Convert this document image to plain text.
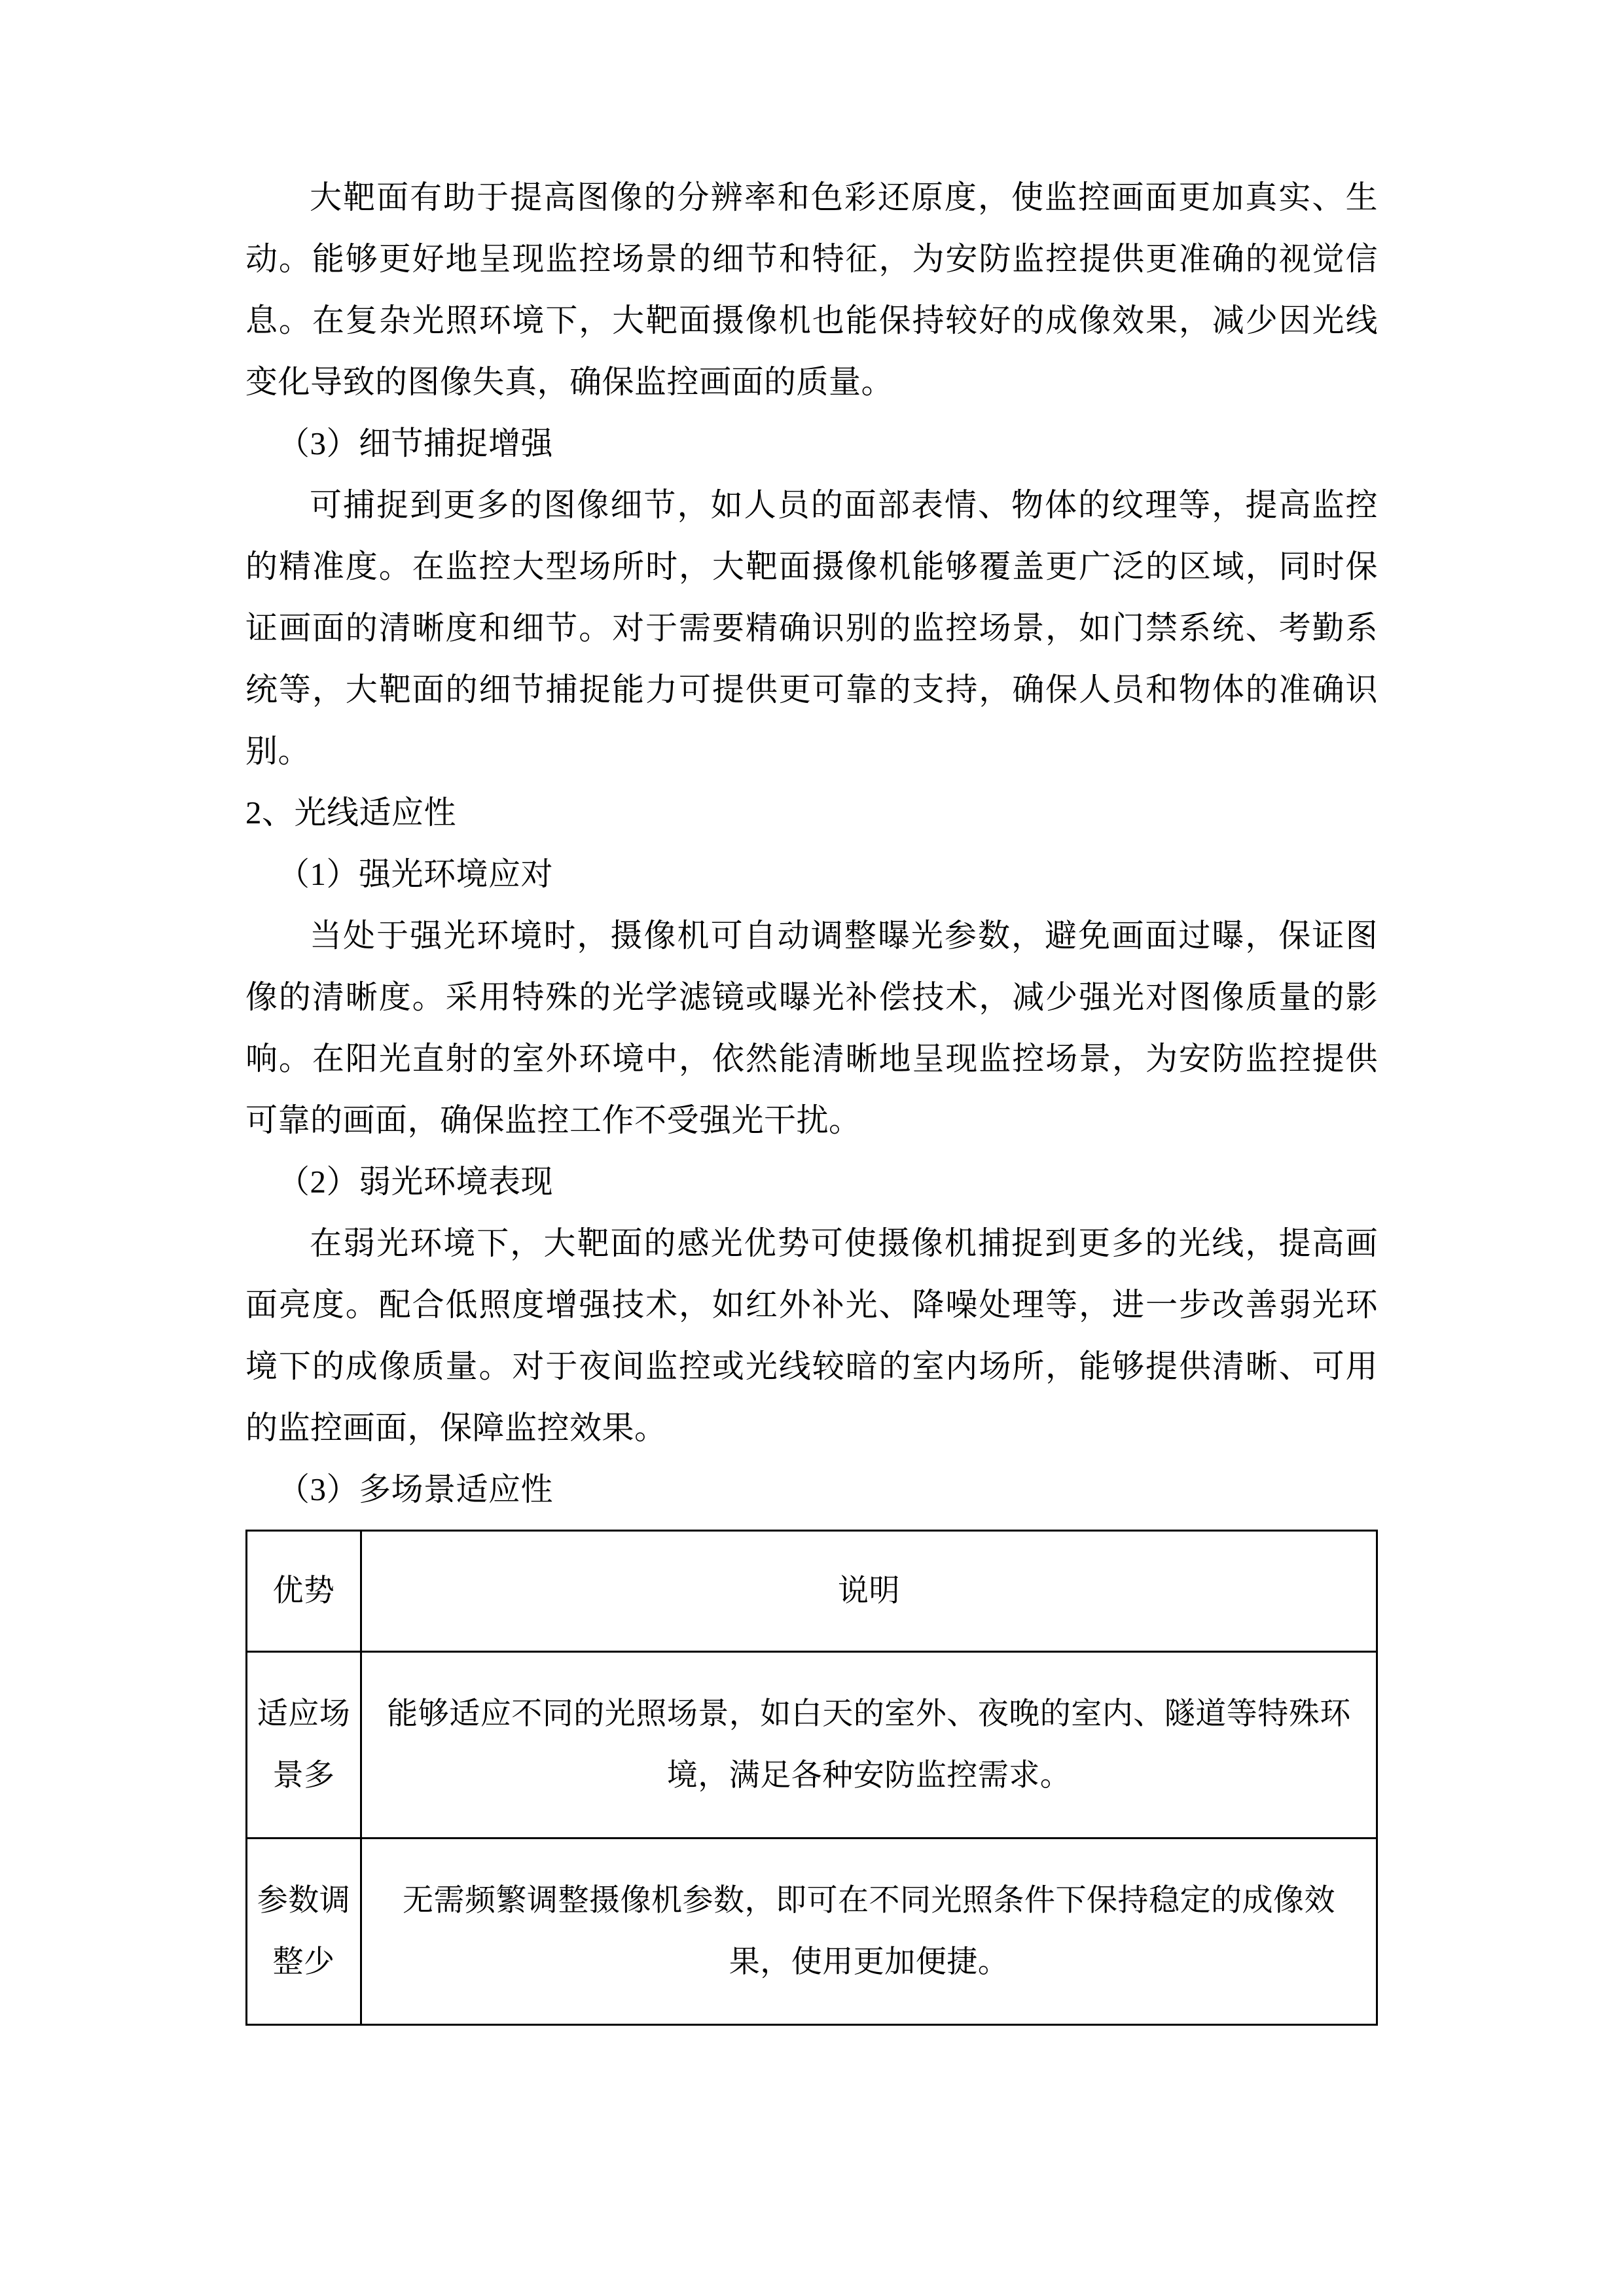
大靶面有助于提高图像的分辨率和色彩还原度，使监控画面更加真实、生动。能够更好地呈现监控场景的细节和特征，为安防监控提供更准确的视觉信息。在复杂光照环境下，大靶面摄像机也能保持较好的成像效果，减少因光线变化导致的图像失真，确保监控画面的质量。

（3）细节捕捉增强

可捕捉到更多的图像细节，如人员的面部表情、物体的纹理等，提高监控的精准度。在监控大型场所时，大靶面摄像机能够覆盖更广泛的区域，同时保证画面的清晰度和细节。对于需要精确识别的监控场景，如门禁系统、考勤系统等，大靶面的细节捕捉能力可提供更可靠的支持，确保人员和物体的准确识别。

2、光线适应性

（1）强光环境应对

当处于强光环境时，摄像机可自动调整曝光参数，避免画面过曝，保证图像的清晰度。采用特殊的光学滤镜或曝光补偿技术，减少强光对图像质量的影响。在阳光直射的室外环境中，依然能清晰地呈现监控场景，为安防监控提供可靠的画面，确保监控工作不受强光干扰。

（2）弱光环境表现

在弱光环境下，大靶面的感光优势可使摄像机捕捉到更多的光线，提高画面亮度。配合低照度增强技术，如红外补光、降噪处理等，进一步改善弱光环境下的成像质量。对于夜间监控或光线较暗的室内场所，能够提供清晰、可用的监控画面，保障监控效果。

（3）多场景适应性

优势	说明

适应场景多	能够适应不同的光照场景，如白天的室外、夜晚的室内、隧道等特殊环境，满足各种安防监控需求。

参数调整少	无需频繁调整摄像机参数，即可在不同光照条件下保持稳定的成像效果，使用更加便捷。
